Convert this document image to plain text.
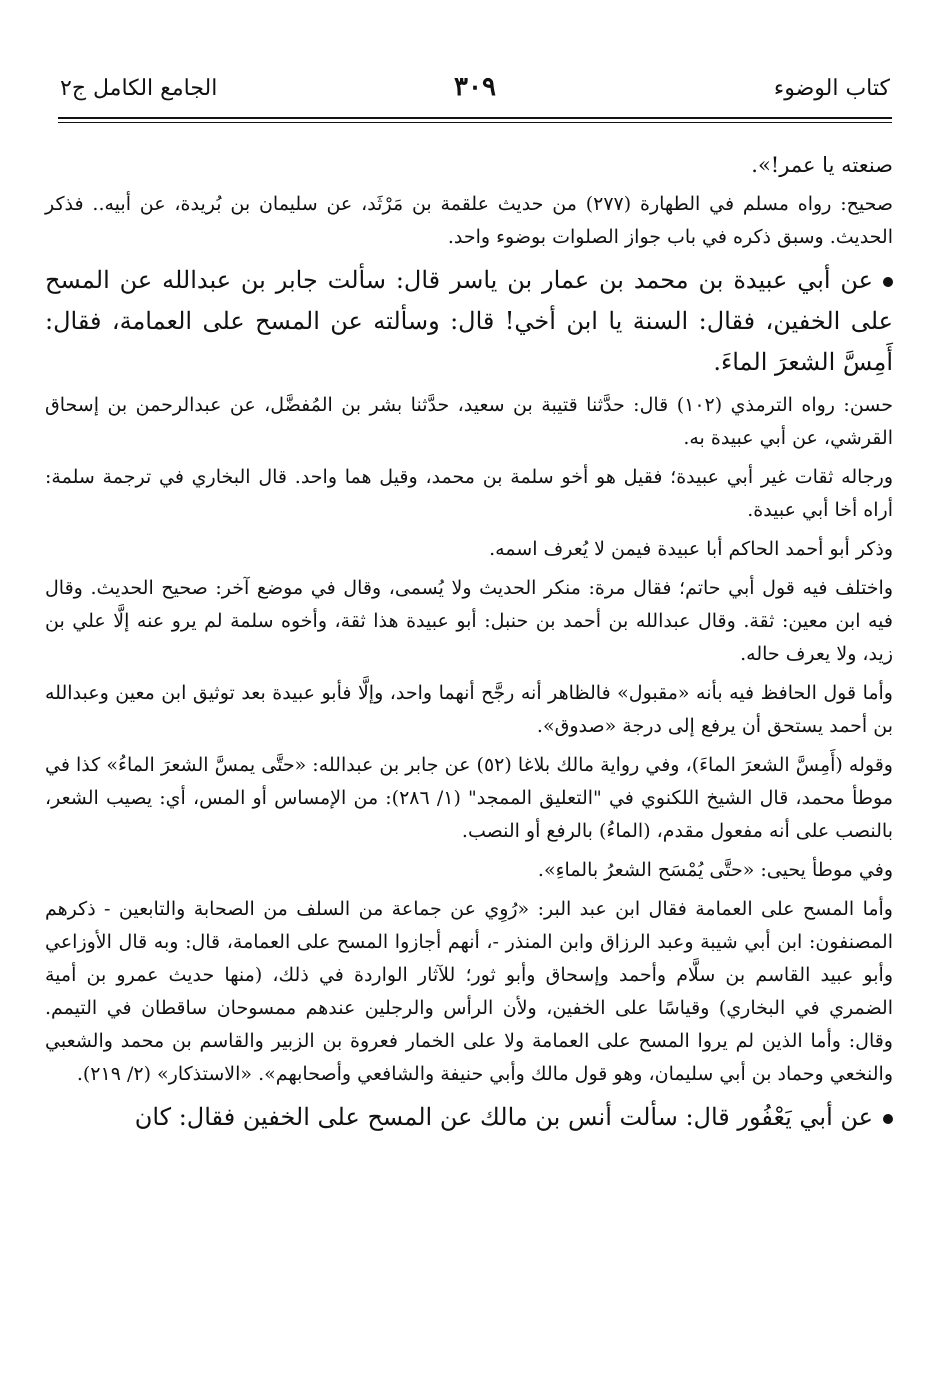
كتاب الوضوء
٣٠٩
الجامع الكامل ج٢

صنعته يا عمر!».

صحيح: رواه مسلم في الطهارة (٢٧٧) من حديث علقمة بن مَرْثَد، عن سليمان بن بُريدة، عن أبيه.. فذكر الحديث. وسبق ذكره في باب جواز الصلوات بوضوء واحد.

عن أبي عبيدة بن محمد بن عمار بن ياسر قال: سألت جابر بن عبدالله عن المسح على الخفين، فقال: السنة يا ابن أخي! قال: وسألته عن المسح على العمامة، فقال: أَمِسَّ الشعرَ الماءَ.

حسن: رواه الترمذي (١٠٢) قال: حدَّثنا قتيبة بن سعيد، حدَّثنا بشر بن المُفضَّل، عن عبدالرحمن بن إسحاق القرشي، عن أبي عبيدة به.

ورجاله ثقات غير أبي عبيدة؛ فقيل هو أخو سلمة بن محمد، وقيل هما واحد. قال البخاري في ترجمة سلمة: أراه أخا أبي عبيدة.

وذكر أبو أحمد الحاكم أبا عبيدة فيمن لا يُعرف اسمه.

واختلف فيه قول أبي حاتم؛ فقال مرة: منكر الحديث ولا يُسمى، وقال في موضع آخر: صحيح الحديث. وقال فيه ابن معين: ثقة. وقال عبدالله بن أحمد بن حنبل: أبو عبيدة هذا ثقة، وأخوه سلمة لم يرو عنه إلَّا علي بن زيد، ولا يعرف حاله.

وأما قول الحافظ فيه بأنه «مقبول» فالظاهر أنه رجَّح أنهما واحد، وإلَّا فأبو عبيدة بعد توثيق ابن معين وعبدالله بن أحمد يستحق أن يرفع إلى درجة «صدوق».

وقوله (أَمِسَّ الشعرَ الماءَ)، وفي رواية مالك بلاغا (٥٢) عن جابر بن عبدالله: «حتَّى يمسَّ الشعرَ الماءُ» كذا في موطأ محمد، قال الشيخ اللكنوي في "التعليق الممجد" (١/ ٢٨٦): من الإمساس أو المس، أي: يصيب الشعر، بالنصب على أنه مفعول مقدم، (الماءُ) بالرفع أو النصب.

وفي موطأ يحيى: «حتَّى يُمْسَح الشعرُ بالماءِ».

وأما المسح على العمامة فقال ابن عبد البر: «رُوِي عن جماعة من السلف من الصحابة والتابعين - ذكرهم المصنفون: ابن أبي شيبة وعبد الرزاق وابن المنذر -، أنهم أجازوا المسح على العمامة، قال: وبه قال الأوزاعي وأبو عبيد القاسم بن سلَّام وأحمد وإسحاق وأبو ثور؛ للآثار الواردة في ذلك، (منها حديث عمرو بن أمية الضمري في البخاري) وقياسًا على الخفين، ولأن الرأس والرجلين عندهم ممسوحان ساقطان في التيمم. وقال: وأما الذين لم يروا المسح على العمامة ولا على الخمار فعروة بن الزبير والقاسم بن محمد والشعبي والنخعي وحماد بن أبي سليمان، وهو قول مالك وأبي حنيفة والشافعي وأصحابهم». «الاستذكار» (٢/ ٢١٩).

عن أبي يَعْفُور قال: سألت أنس بن مالك عن المسح على الخفين فقال: كان
